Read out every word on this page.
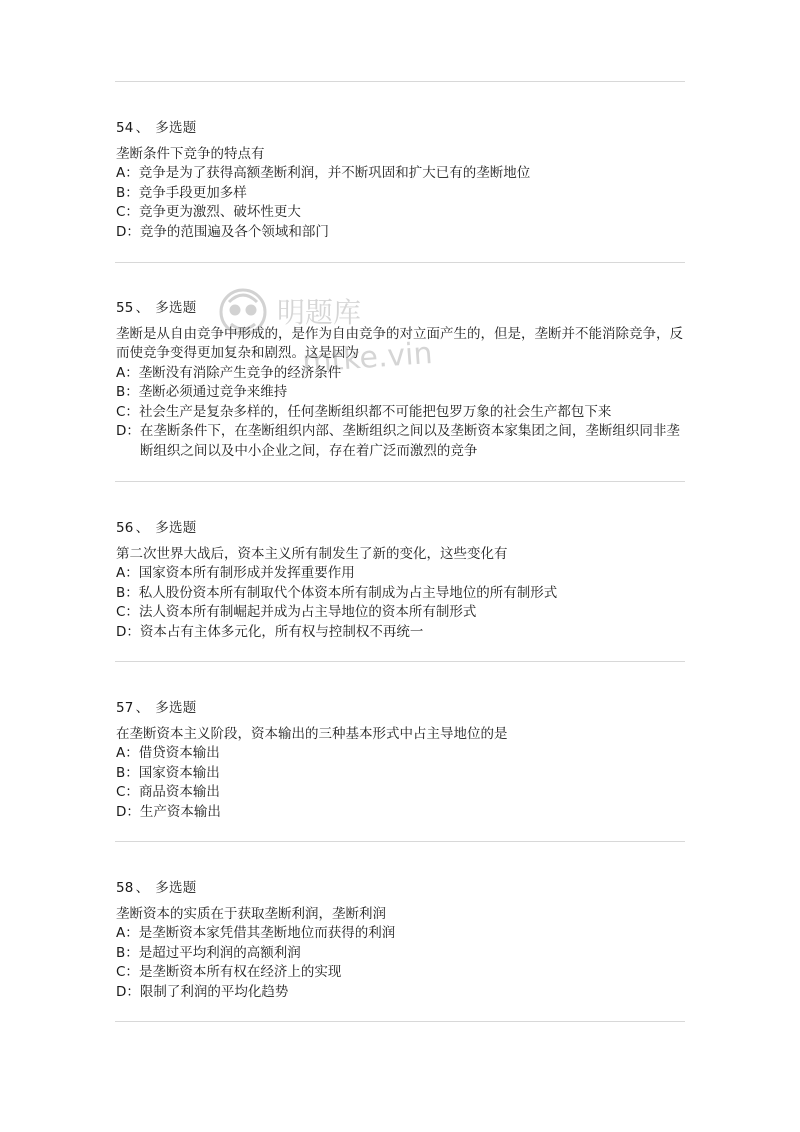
54 、 多选题

垄断条件下竞争的特点有

A： 竞争是为了获得高额垄断利润，并不断巩固和扩大已有的垄断地位
B： 竞争手段更加多样
C： 竞争更为激烈、破坏性更大
D： 竞争的范围遍及各个领域和部门
55 、 多选题

垄断是从自由竞争中形成的，是作为自由竞争的对立面产生的，但是，垄断并不能消除竞争，反而使竞争变得更加复杂和剧烈。这是因为

A： 垄断没有消除产生竞争的经济条件
B： 垄断必须通过竞争来维持
C： 社会生产是复杂多样的，任何垄断组织都不可能把包罗万象的社会生产都包下来
D： 在垄断条件下，在垄断组织内部、垄断组织之间以及垄断资本家集团之间，垄断组织同非垄断组织之间以及中小企业之间，存在着广泛而激烈的竞争
56 、 多选题

第二次世界大战后，资本主义所有制发生了新的变化，这些变化有

A： 国家资本所有制形成并发挥重要作用
B： 私人股份资本所有制取代个体资本所有制成为占主导地位的所有制形式
C： 法人资本所有制崛起并成为占主导地位的资本所有制形式
D： 资本占有主体多元化，所有权与控制权不再统一
57 、 多选题

在垄断资本主义阶段，资本输出的三种基本形式中占主导地位的是

A： 借贷资本输出
B： 国家资本输出
C： 商品资本输出
D： 生产资本输出
58 、 多选题

垄断资本的实质在于获取垄断利润，垄断利润

A： 是垄断资本家凭借其垄断地位而获得的利润
B： 是超过平均利润的高额利润
C： 是垄断资本所有权在经济上的实现
D： 限制了利润的平均化趋势
明题库
mtke.vin
